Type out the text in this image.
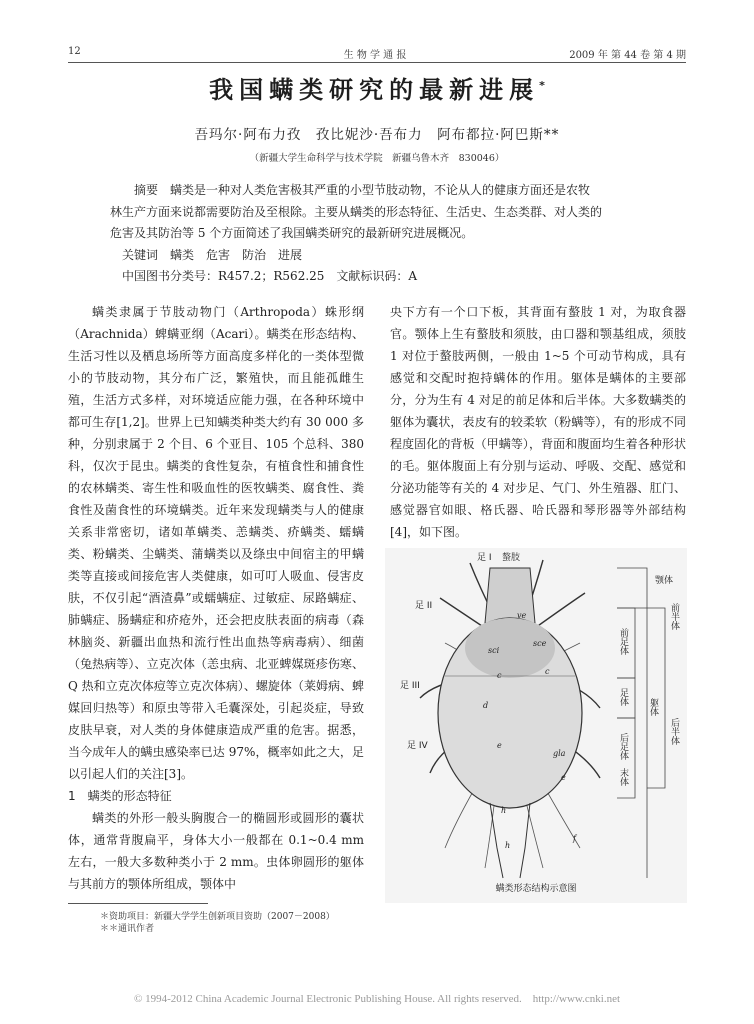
12	生 物 学 通 报	2009 年 第 44 卷 第 4 期
我国螨类研究的最新进展*
吾玛尔·阿布力孜　孜比妮沙·吾布力　阿布都拉·阿巴斯**
（新疆大学生命科学与技术学院　新疆乌鲁木齐　830046）
摘要　螨类是一种对人类危害极其严重的小型节肢动物，不论从人的健康方面还是农牧
林生产方面来说都需要防治及至根除。主要从螨类的形态特征、生活史、生态类群、对人类的
危害及其防治等 5 个方面简述了我国螨类研究的最新研究进展概况。
关键词　螨类　危害　防治　进展
中国图书分类号：R457.2；R562.25　文献标识码：A

螨类隶属于节肢动物门（Arthropoda）蛛形纲（Arachnida）蜱螨亚纲（Acari）。螨类在形态结构、生活习性以及栖息场所等方面高度多样化的一类体型微小的节肢动物，其分布广泛，繁殖快，而且能孤雌生殖，生活方式多样，对环境适应能力强，在各种环境中都可生存[1,2]。世界上已知螨类种类大约有 30 000 多种，分别隶属于 2 个目、6 个亚目、105 个总科、380 科，仅次于昆虫。螨类的食性复杂，有植食性和捕食性的农林螨类、寄生性和吸血性的医牧螨类、腐食性、粪食性及菌食性的环境螨类。近年来发现螨类与人的健康关系非常密切，诸如革螨类、恙螨类、疥螨类、蠕螨类、粉螨类、尘螨类、蒲螨类以及绦虫中间宿主的甲螨类等直接或间接危害人类健康，如可叮人吸血、侵害皮肤，不仅引起“酒渣鼻”或蠕螨症、过敏症、尿路螨症、肺螨症、肠螨症和疥疮外，还会把皮肤表面的病毒（森林脑炎、新疆出血热和流行性出血热等病毒病）、细菌（兔热病等）、立克次体（恙虫病、北亚蜱媒斑疹伤寒、Q 热和立克次体痘等立克次体病）、螺旋体（莱姆病、蜱媒回归热等）和原虫等带入毛囊深处，引起炎症，导致皮肤早衰，对人类的身体健康造成严重的危害。据悉，当今成年人的螨虫感染率已达 97%，概率如此之大，足以引起人们的关注[3]。

1　螨类的形态特征

螨类的外形一般头胸腹合一的椭圆形或圆形的囊状体，通常背腹扁平，身体大小一般都在 0.1~0.4 mm 左右，一般大多数种类小于 2 mm。虫体卵圆形的躯体与其前方的颚体所组成，颚体中

央下方有一个口下板，其背面有螯肢 1 对，为取食器官。颚体上生有螯肢和须肢，由口器和颚基组成，须肢 1 对位于螯肢两侧，一般由 1~5 个可动节构成，具有感觉和交配时抱持螨体的作用。躯体是螨体的主要部分，分为生有 4 对足的前足体和后半体。大多数螨类的躯体为囊状，表皮有的较柔软（粉螨等），有的形成不同程度固化的背板（甲螨等），背面和腹面均生着各种形状的毛。躯体腹面上有分别与运动、呼吸、交配、感觉和分泌功能等有关的 4 对步足、气门、外生殖器、肛门、感觉器官如眼、格氏器、哈氏器和琴形器等外部结构[4]，如下图。

足 I 螯肢
足 II
足 III
足 IV
ve
sci
sce
c	c
d
e
gla
e
h
h
f
颚体
前足体
前半体
足体
后足体
躯体
后半体
末体
螨类形态结构示意图
＊资助项目：新疆大学学生创新项目资助（2007－2008）
＊＊通讯作者
© 1994-2012 China Academic Journal Electronic Publishing House. All rights reserved.　http://www.cnki.net
